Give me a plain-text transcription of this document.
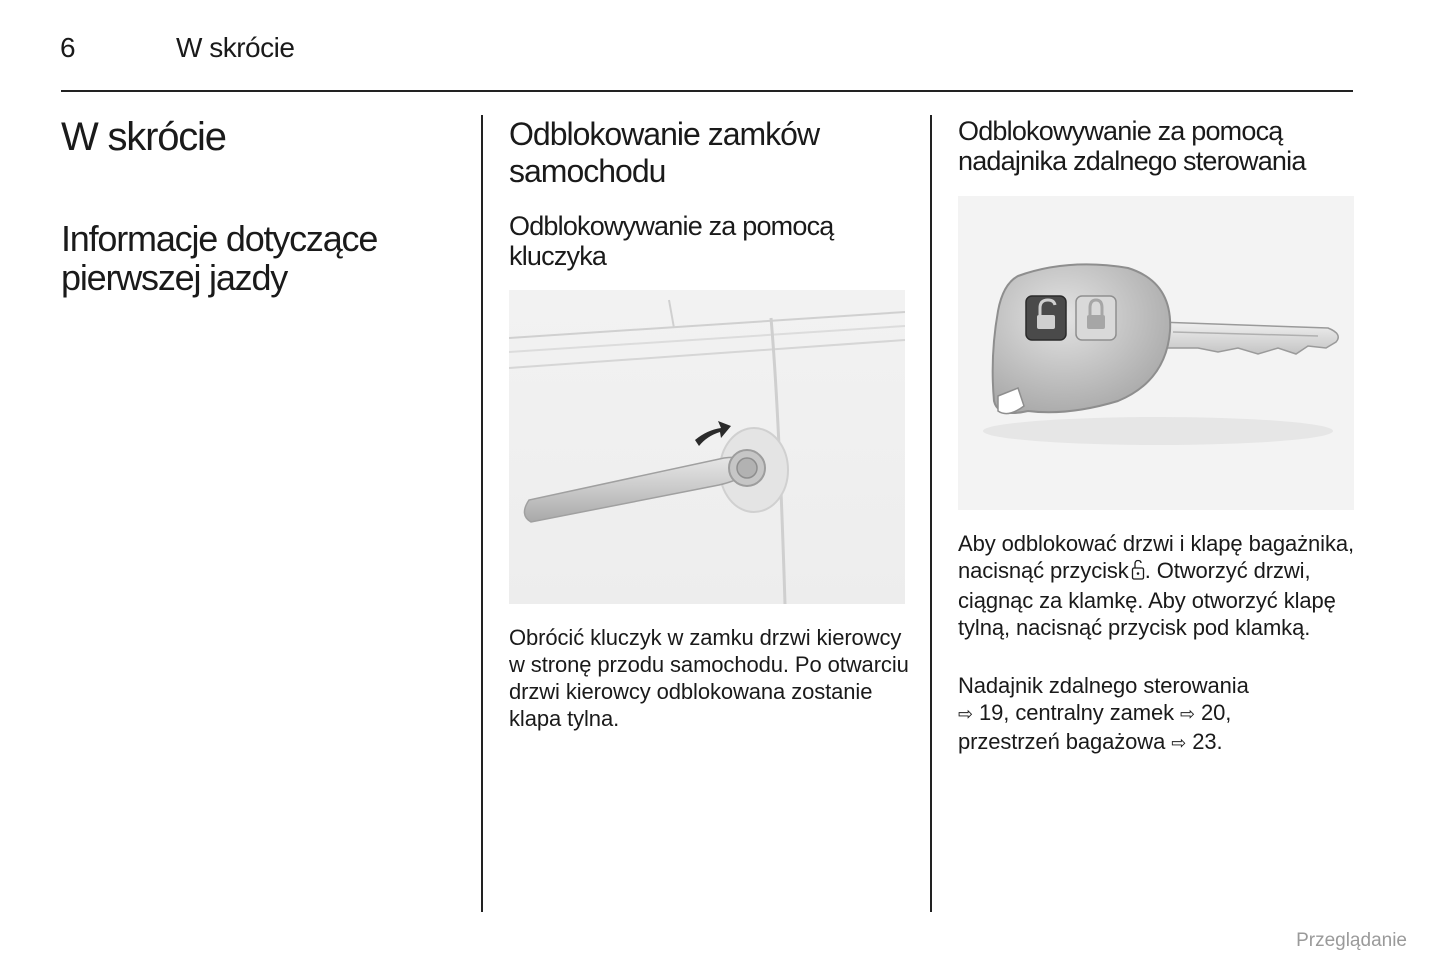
6	W skrócie
W skrócie
Informacje dotyczące pierwszej jazdy
Odblokowanie zamków samochodu
Odblokowywanie za pomocą kluczyka

Obrócić kluczyk w zamku drzwi kierowcy w stronę przodu samochodu. Po otwarciu drzwi kierowcy odblokowana zostanie klapa tylna.

Odblokowywanie za pomocą nadajnika zdalnego sterowania

Aby odblokować drzwi i klapę bagażnika, nacisnąć przycisk . Otworzyć drzwi, ciągnąc za klamkę. Aby otworzyć klapę tylną, nacisnąć przycisk pod klamką.

Nadajnik zdalnego sterowania
⇨ 19, centralny zamek ⇨ 20,
przestrzeń bagażowa ⇨ 23.

Przeglądanie
